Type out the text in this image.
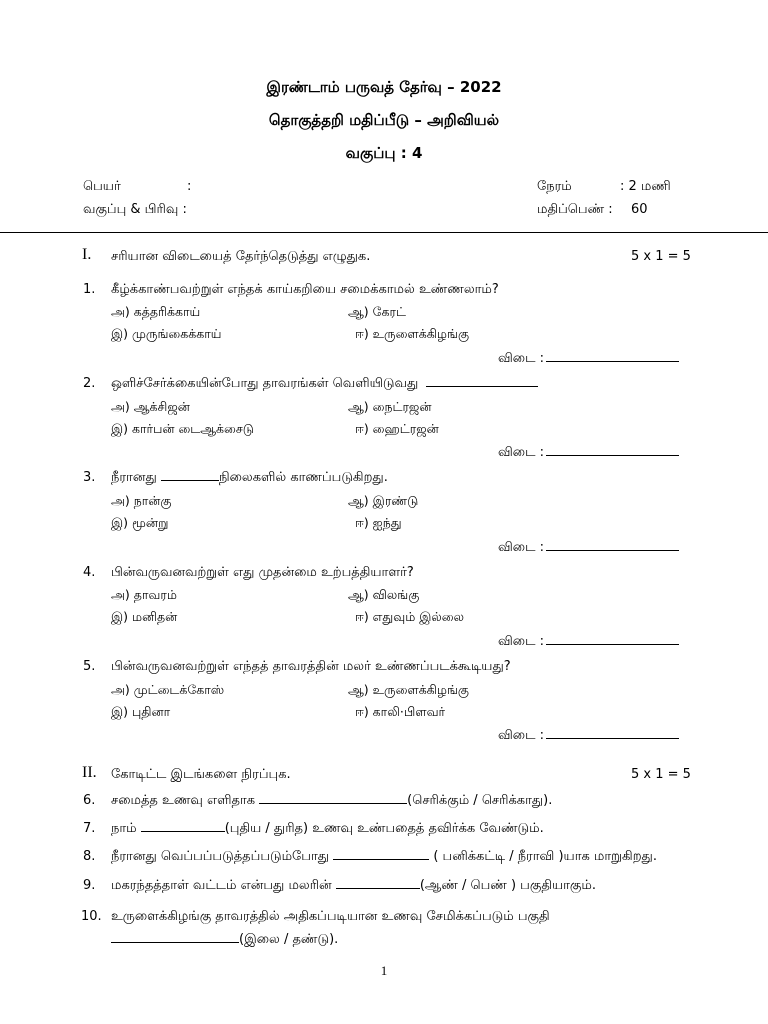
இரண்டாம் பருவத் தேர்வு – 2022
தொகுத்தறி மதிப்பீடு – அறிவியல்
வகுப்பு : 4
பெயர்	:
வகுப்பு & பிரிவு :
நேரம்	: 2 மணி
மதிப்பெண் : 60
I. சரியான விடையைத் தேர்ந்தெடுத்து எழுதுக.	5 x 1 = 5
1. கீழ்க்காண்பவற்றுள் எந்தக் காய்கறியை சமைக்காமல் உண்ணலாம்?
அ) கத்தரிக்காய்	ஆ) கேரட்
இ) முருங்கைக்காய்	ஈ) உருளைக்கிழங்கு
விடை :
2. ஒளிச்சேர்க்கையின்போது தாவரங்கள் வெளியிடுவது
அ) ஆக்சிஜன்	ஆ) நைட்ரஜன்
இ) கார்பன் டைஆக்சைடு	ஈ) ஹைட்ரஜன்
விடை :
3. நீரானது	நிலைகளில் காணப்படுகிறது.
அ) நான்கு	ஆ) இரண்டு
இ) மூன்று	ஈ) ஐந்து
விடை :
4. பின்வருவனவற்றுள் எது முதன்மை உற்பத்தியாளர்?
அ) தாவரம்	ஆ) விலங்கு
இ) மனிதன்	ஈ) எதுவும் இல்லை
விடை :
5. பின்வருவனவற்றுள் எந்தத் தாவரத்தின் மலர் உண்ணப்படக்கூடியது?
அ) முட்டைக்கோஸ்	ஆ) உருளைக்கிழங்கு
இ) புதினா	ஈ) காலி·பிளவர்
விடை :
II. கோடிட்ட இடங்களை நிரப்புக.	5 x 1 = 5
6. சமைத்த உணவு எளிதாக	(செரிக்கும் / செரிக்காது).
7. நாம்	(புதிய / துரித) உணவு உண்பதைத் தவிர்க்க வேண்டும்.
8. நீரானது வெப்பப்படுத்தப்படும்போது	( பனிக்கட்டி / நீராவி )யாக மாறுகிறது.
9. மகரந்தத்தாள் வட்டம் என்பது மலரின்	(ஆண் / பெண் ) பகுதியாகும்.
10. உருளைக்கிழங்கு தாவரத்தில் அதிகப்படியான உணவு சேமிக்கப்படும் பகுதி
(இலை / தண்டு).
1
